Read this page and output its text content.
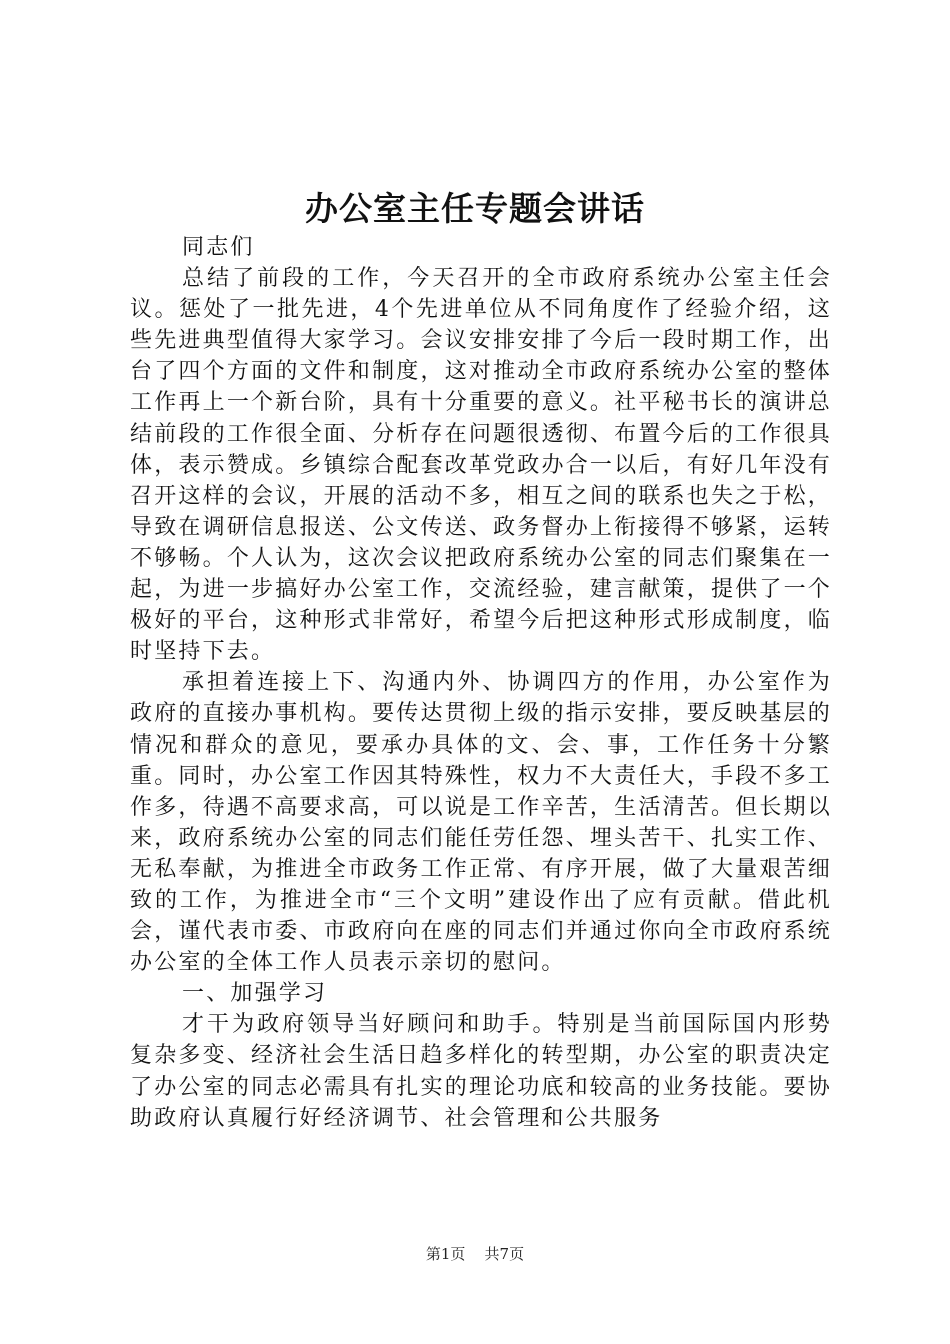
办公室主任专题会讲话

同志们

总结了前段的工作，今天召开的全市政府系统办公室主任会议。惩处了一批先进，4个先进单位从不同角度作了经验介绍，这些先进典型值得大家学习。会议安排安排了今后一段时期工作，出台了四个方面的文件和制度，这对推动全市政府系统办公室的整体工作再上一个新台阶，具有十分重要的意义。社平秘书长的演讲总结前段的工作很全面、分析存在问题很透彻、布置今后的工作很具体，表示赞成。乡镇综合配套改革党政办合一以后，有好几年没有召开这样的会议，开展的活动不多，相互之间的联系也失之于松，导致在调研信息报送、公文传送、政务督办上衔接得不够紧，运转不够畅。个人认为，这次会议把政府系统办公室的同志们聚集在一起，为进一步搞好办公室工作，交流经验，建言献策，提供了一个极好的平台，这种形式非常好，希望今后把这种形式形成制度，临时坚持下去。

承担着连接上下、沟通内外、协调四方的作用，办公室作为政府的直接办事机构。要传达贯彻上级的指示安排，要反映基层的情况和群众的意见，要承办具体的文、会、事，工作任务十分繁重。同时，办公室工作因其特殊性，权力不大责任大，手段不多工作多，待遇不高要求高，可以说是工作辛苦，生活清苦。但长期以来，政府系统办公室的同志们能任劳任怨、埋头苦干、扎实工作、无私奉献，为推进全市政务工作正常、有序开展，做了大量艰苦细致的工作，为推进全市“三个文明”建设作出了应有贡献。借此机会，谨代表市委、市政府向在座的同志们并通过你向全市政府系统办公室的全体工作人员表示亲切的慰问。

一、加强学习

才干为政府领导当好顾问和助手。特别是当前国际国内形势复杂多变、经济社会生活日趋多样化的转型期，办公室的职责决定了办公室的同志必需具有扎实的理论功底和较高的业务技能。要协助政府认真履行好经济调节、社会管理和公共服务

第1页 共7页
